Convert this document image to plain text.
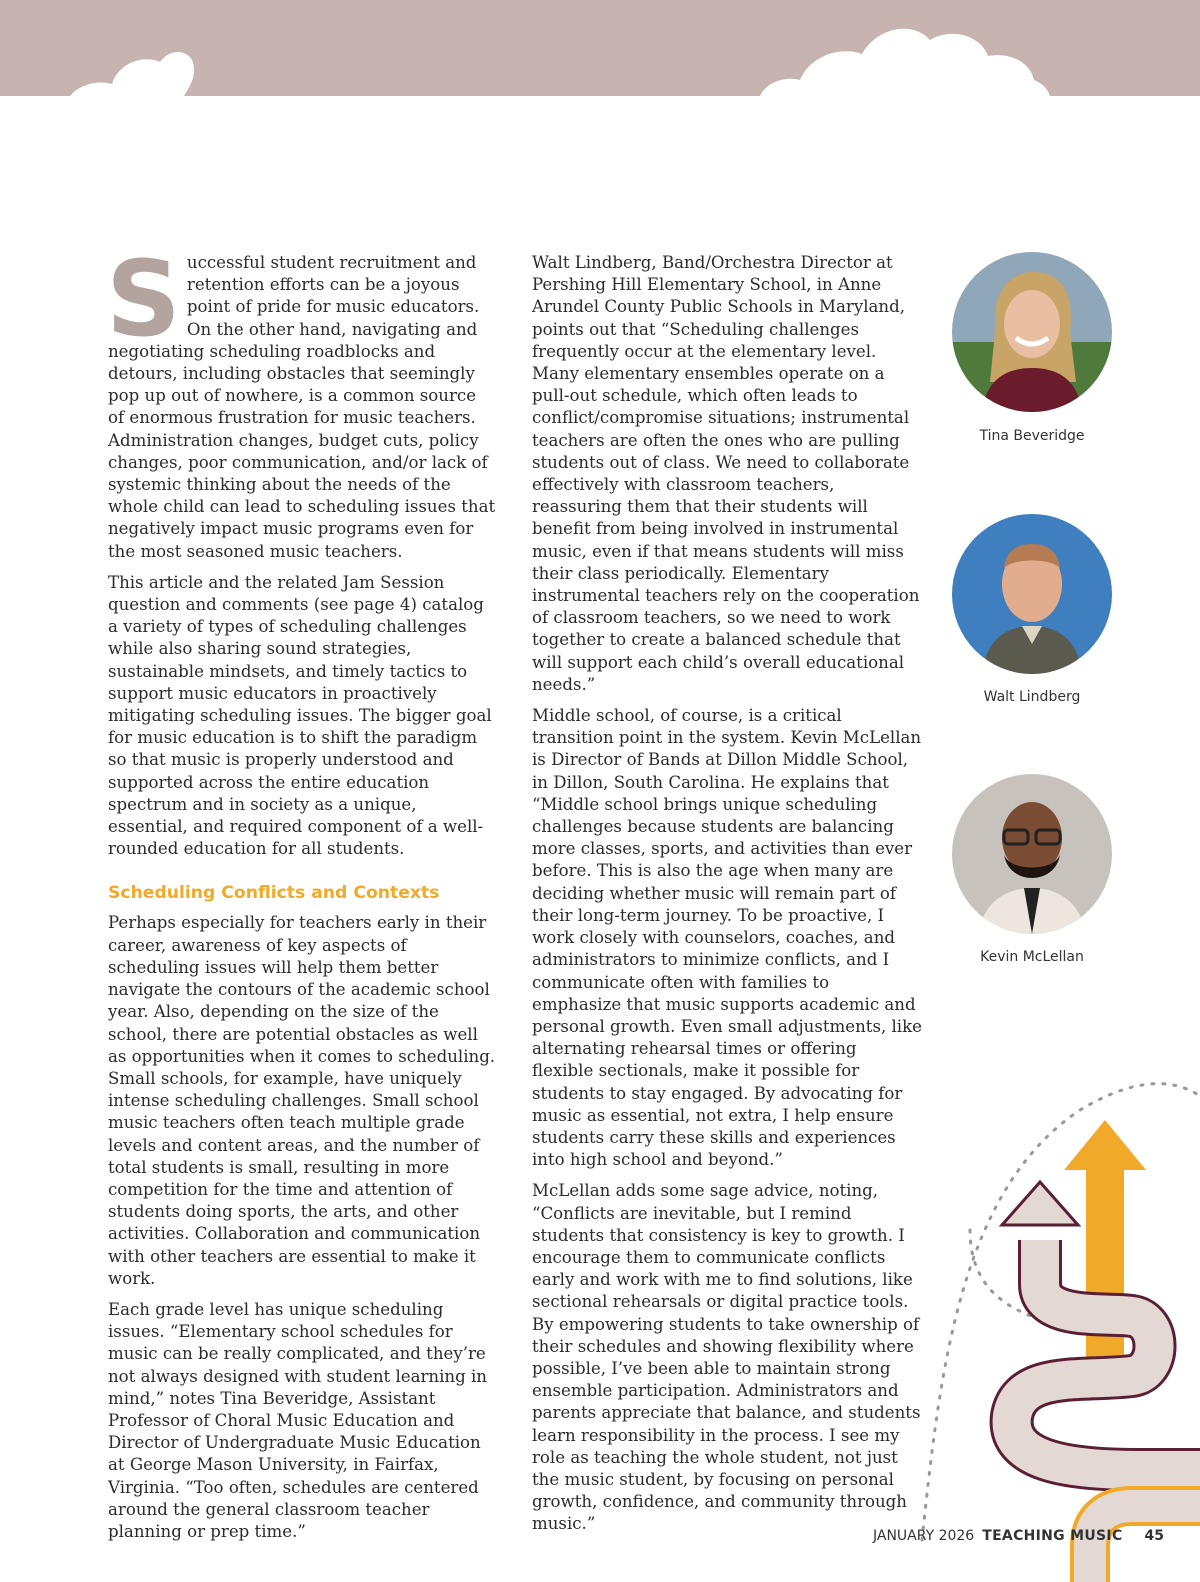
Successful student recruitment and retention efforts can be a joyous point of pride for music educators. On the other hand, navigating and negotiating scheduling roadblocks and detours, including obstacles that seemingly pop up out of nowhere, is a common source of enormous frustration for music teachers. Administration changes, budget cuts, policy changes, poor communication, and/or lack of systemic thinking about the needs of the whole child can lead to scheduling issues that negatively impact music programs even for the most seasoned music teachers.

This article and the related Jam Session question and comments (see page 4) catalog a variety of types of scheduling challenges while also sharing sound strategies, sustainable mindsets, and timely tactics to support music educators in proactively mitigating scheduling issues. The bigger goal for music education is to shift the paradigm so that music is properly understood and supported across the entire education spectrum and in society as a unique, essential, and required component of a well-rounded education for all students.

Scheduling Conflicts and Contexts

Perhaps especially for teachers early in their career, awareness of key aspects of scheduling issues will help them better navigate the contours of the academic school year. Also, depending on the size of the school, there are potential obstacles as well as opportunities when it comes to scheduling. Small schools, for example, have uniquely intense scheduling challenges. Small school music teachers often teach multiple grade levels and content areas, and the number of total students is small, resulting in more competition for the time and attention of students doing sports, the arts, and other activities. Collaboration and communication with other teachers are essential to make it work.

Each grade level has unique scheduling issues. “Elementary school schedules for music can be really complicated, and they’re not always designed with student learning in mind,” notes Tina Beveridge, Assistant Professor of Choral Music Education and Director of Undergraduate Music Education at George Mason University, in Fairfax, Virginia. “Too often, schedules are centered around the general classroom teacher planning or prep time.”

Walt Lindberg, Band/Orchestra Director at Pershing Hill Elementary School, in Anne Arundel County Public Schools in Maryland, points out that “Scheduling challenges frequently occur at the elementary level. Many elementary ensembles operate on a pull-out schedule, which often leads to conflict/compromise situations; instrumental teachers are often the ones who are pulling students out of class. We need to collaborate effectively with classroom teachers, reassuring them that their students will benefit from being involved in instrumental music, even if that means students will miss their class periodically. Elementary instrumental teachers rely on the cooperation of classroom teachers, so we need to work together to create a balanced schedule that will support each child’s overall educational needs.”

Middle school, of course, is a critical transition point in the system. Kevin McLellan is Director of Bands at Dillon Middle School, in Dillon, South Carolina. He explains that “Middle school brings unique scheduling challenges because students are balancing more classes, sports, and activities than ever before. This is also the age when many are deciding whether music will remain part of their long-term journey. To be proactive, I work closely with counselors, coaches, and administrators to minimize conflicts, and I communicate often with families to emphasize that music supports academic and personal growth. Even small adjustments, like alternating rehearsal times or offering flexible sectionals, make it possible for students to stay engaged. By advocating for music as essential, not extra, I help ensure students carry these skills and experiences into high school and beyond.”

McLellan adds some sage advice, noting, “Conflicts are inevitable, but I remind students that consistency is key to growth. I encourage them to communicate conflicts early and work with me to find solutions, like sectional rehearsals or digital practice tools. By empowering students to take ownership of their schedules and showing flexibility where possible, I’ve been able to maintain strong ensemble participation. Administrators and parents appreciate that balance, and students learn responsibility in the process. I see my role as teaching the whole student, not just the music student, by focusing on personal growth, confidence, and community through music.”

Tina Beveridge
Walt Lindberg
Kevin McLellan
JANUARY 2026 TEACHING MUSIC 45
